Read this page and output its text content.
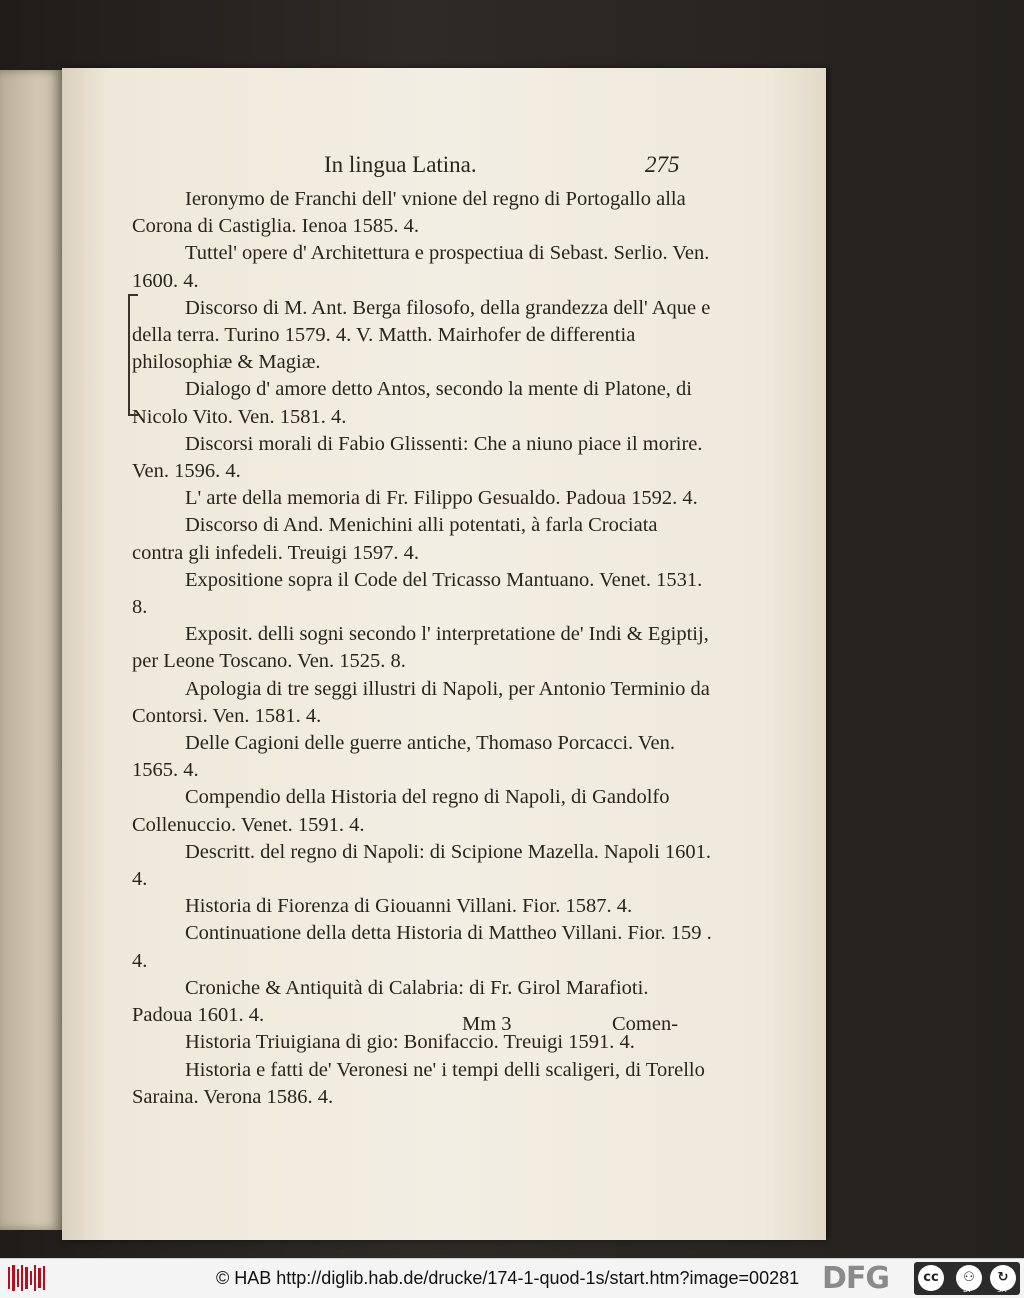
In lingua Latina.	275

Ieronymo de Franchi dell' vnione del regno di Portogallo alla Corona di Castiglia. Ienoa 1585. 4.

Tuttel' opere d' Architettura e prospectiua di Sebast. Serlio. Ven. 1600. 4.

Discorso di M. Ant. Berga filosofo, della grandezza dell' Aque e della terra. Turino 1579. 4. V. Matth. Mairhofer de differentia philosophiæ & Magiæ.

Dialogo d' amore detto Antos, secondo la mente di Platone, di Nicolo Vito. Ven. 1581. 4.

Discorsi morali di Fabio Glissenti: Che a niuno piace il morire. Ven. 1596. 4.

L' arte della memoria di Fr. Filippo Gesualdo. Padoua 1592. 4.

Discorso di And. Menichini alli potentati, à farla Crociata contra gli infedeli. Treuigi 1597. 4.

Expositione sopra il Code del Tricasso Mantuano. Venet. 1531. 8.

Exposit. delli sogni secondo l' interpretatione de' Indi & Egiptij, per Leone Toscano. Ven. 1525. 8.

Apologia di tre seggi illustri di Napoli, per Antonio Terminio da Contorsi. Ven. 1581. 4.

Delle Cagioni delle guerre antiche, Thomaso Porcacci. Ven. 1565. 4.

Compendio della Historia del regno di Napoli, di Gandolfo Collenuccio. Venet. 1591. 4.

Descritt. del regno di Napoli: di Scipione Mazella. Napoli 1601. 4.

Historia di Fiorenza di Giouanni Villani. Fior. 1587. 4.

Continuatione della detta Historia di Mattheo Villani. Fior. 159 . 4.

Croniche & Antiquità di Calabria: di Fr. Girol Marafioti. Padoua 1601. 4.

Historia Triuigiana di gio: Bonifaccio. Treuigi 1591. 4.

Historia e fatti de' Veronesi ne' i tempi delli scaligeri, di Torello Saraina. Verona 1586. 4.

Mm 3	Comen-
© HAB http://diglib.hab.de/drucke/174-1-quod-1s/start.htm?image=00281 DFG	cc	⚇	↻
BY	SA
